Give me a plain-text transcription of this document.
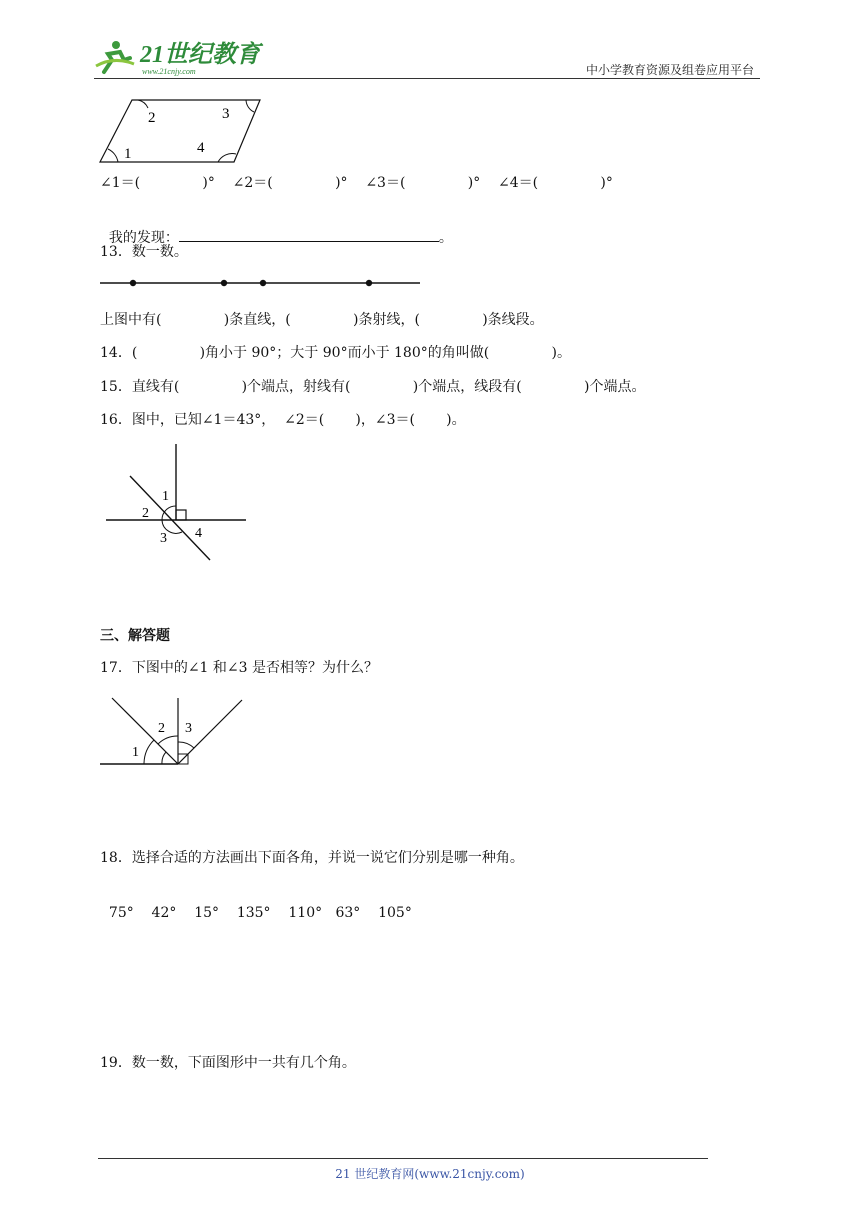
21世纪教育
www.21cnjy.com	中小学教育资源及组卷应用平台
1
2	3
4
∠1＝(              )°    ∠2＝(              )°    ∠3＝(              )°    ∠4＝(              )°

我的发现：	。

13．数一数。
上图中有(              )条直线，(              )条射线，(              )条线段。
14．(              )角小于 90°；大于 90°而小于 180°的角叫做(              )。
15．直线有(              )个端点，射线有(              )个端点，线段有(              )个端点。
16．图中，已知∠1＝43°，  ∠2＝(       )，∠3＝(       )。
1
2
3 4
三、解答题
17．下图中的∠1 和∠3 是否相等？为什么？
1
2 3
18．选择合适的方法画出下面各角，并说一说它们分别是哪一种角。

75° 42° 15° 135° 110° 63° 105°

19．数一数，下面图形中一共有几个角。
21 世纪教育网(www.21cnjy.com)
